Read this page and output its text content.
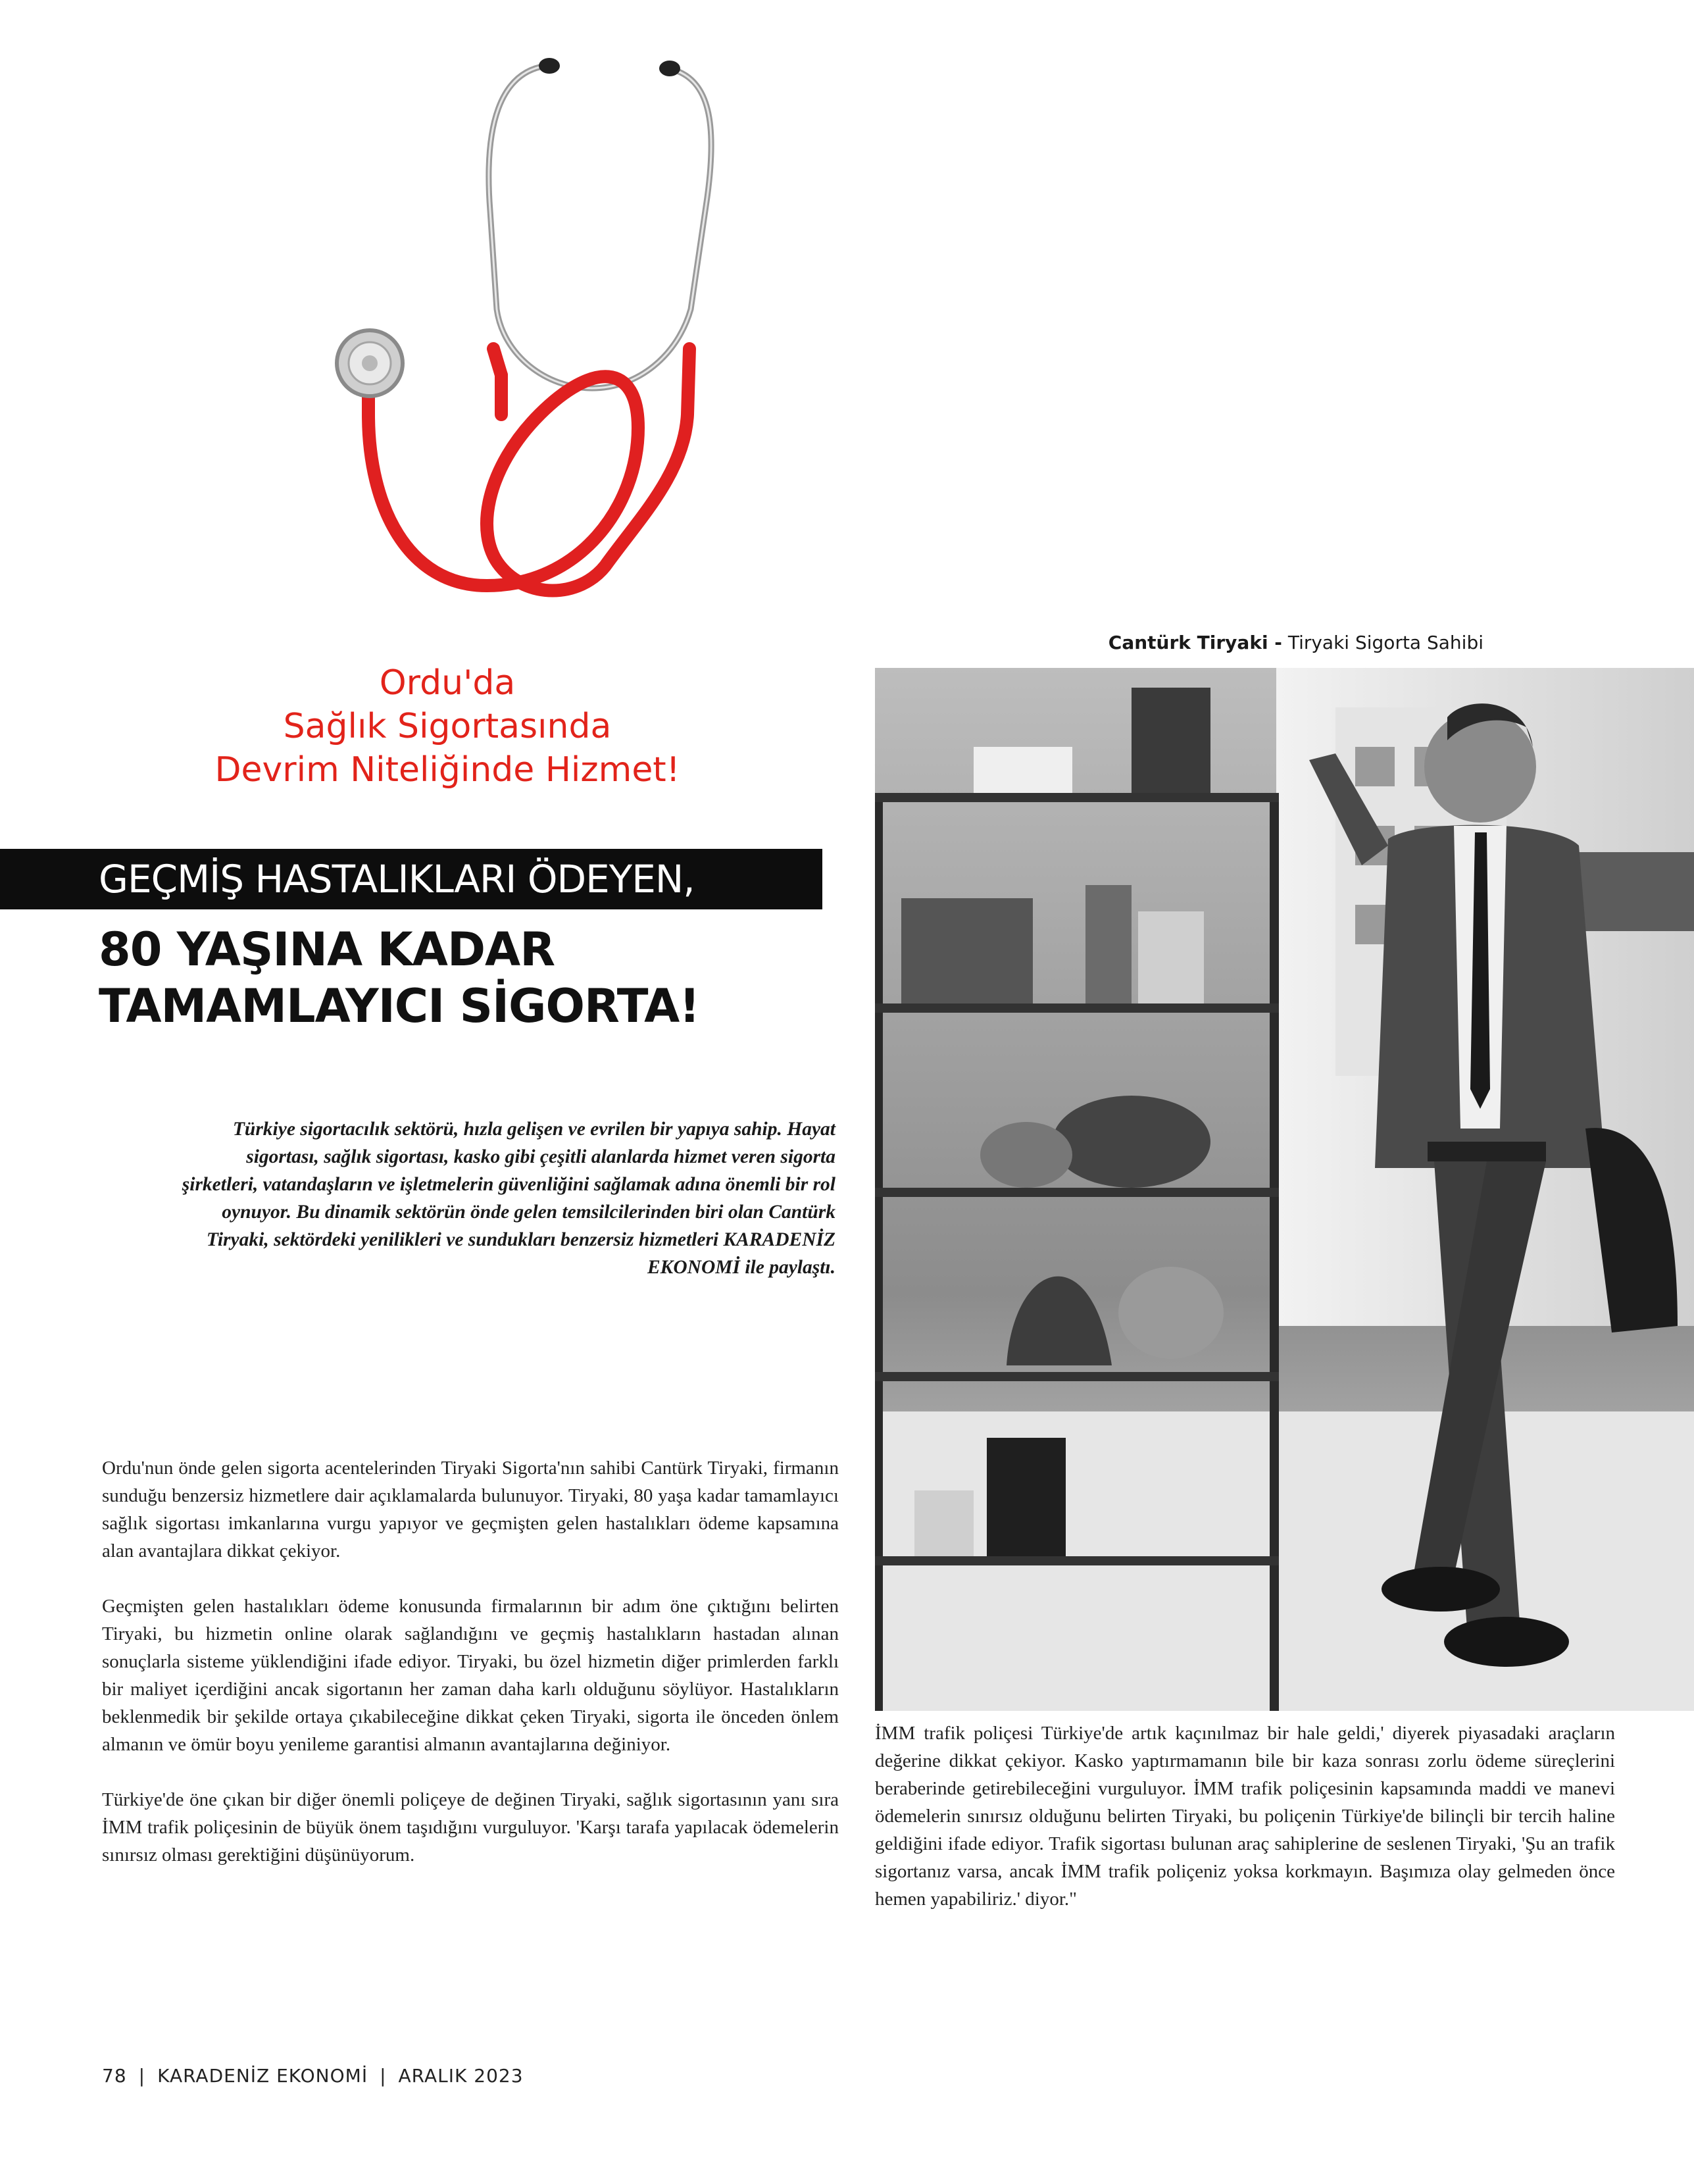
Ordu'da
Sağlık Sigortasında
Devrim Niteliğinde Hizmet!
GEÇMİŞ HASTALIKLARI ÖDEYEN,
80 YAŞINA KADAR
TAMAMLAYICI SİGORTA!
Türkiye sigortacılık sektörü, hızla gelişen ve evrilen bir yapıya sahip. Hayat sigortası, sağlık sigortası, kasko gibi çeşitli alanlarda hizmet veren sigorta şirketleri, vatandaşların ve işletmelerin güvenliğini sağlamak adına önemli bir rol oynuyor. Bu dinamik sektörün önde gelen temsilcilerinden biri olan Cantürk Tiryaki, sektördeki yenilikleri ve sundukları benzersiz hizmetleri KARADENİZ EKONOMİ ile paylaştı.
Cantürk Tiryaki - Tiryaki Sigorta Sahibi

Ordu'nun önde gelen sigorta acentelerinden Tiryaki Sigorta'nın sahibi Cantürk Tiryaki, firmanın sunduğu benzersiz hizmetlere dair açıklamalarda bulunuyor. Tiryaki, 80 yaşa kadar tamamlayıcı sağlık sigortası imkanlarına vurgu yapıyor ve geçmişten gelen hastalıkları ödeme kapsamına alan avantajlara dikkat çekiyor.

Geçmişten gelen hastalıkları ödeme konusunda firmalarının bir adım öne çıktığını belirten Tiryaki, bu hizmetin online olarak sağlandığını ve geçmiş hastalıkların hastadan alınan sonuçlarla sisteme yüklendiğini ifade ediyor. Tiryaki, bu özel hizmetin diğer primlerden farklı bir maliyet içerdiğini ancak sigortanın her zaman daha karlı olduğunu söylüyor. Hastalıkların beklenmedik bir şekilde ortaya çıkabileceğine dikkat çeken Tiryaki, sigorta ile önceden önlem almanın ve ömür boyu yenileme garantisi almanın avantajlarına değiniyor.

Türkiye'de öne çıkan bir diğer önemli poliçeye de değinen Tiryaki, sağlık sigortasının yanı sıra İMM trafik poliçesinin de büyük önem taşıdığını vurguluyor. 'Karşı tarafa yapılacak ödemelerin sınırsız olması gerektiğini düşünüyorum.

İMM trafik poliçesi Türkiye'de artık kaçınılmaz bir hale geldi,' diyerek piyasadaki araçların değerine dikkat çekiyor. Kasko yaptırmamanın bile bir kaza sonrası zorlu ödeme süreçlerini beraberinde getirebileceğini vurguluyor. İMM trafik poliçesinin kapsamında maddi ve manevi ödemelerin sınırsız olduğunu belirten Tiryaki, bu poliçenin Türkiye'de bilinçli bir tercih haline geldiğini ifade ediyor. Trafik sigortası bulunan araç sahiplerine de seslenen Tiryaki, 'Şu an trafik sigortanız varsa, ancak İMM trafik poliçeniz yoksa korkmayın. Başımıza olay gelmeden önce hemen yapabiliriz.' diyor."

78 | KARADENİZ EKONOMİ | ARALIK 2023
